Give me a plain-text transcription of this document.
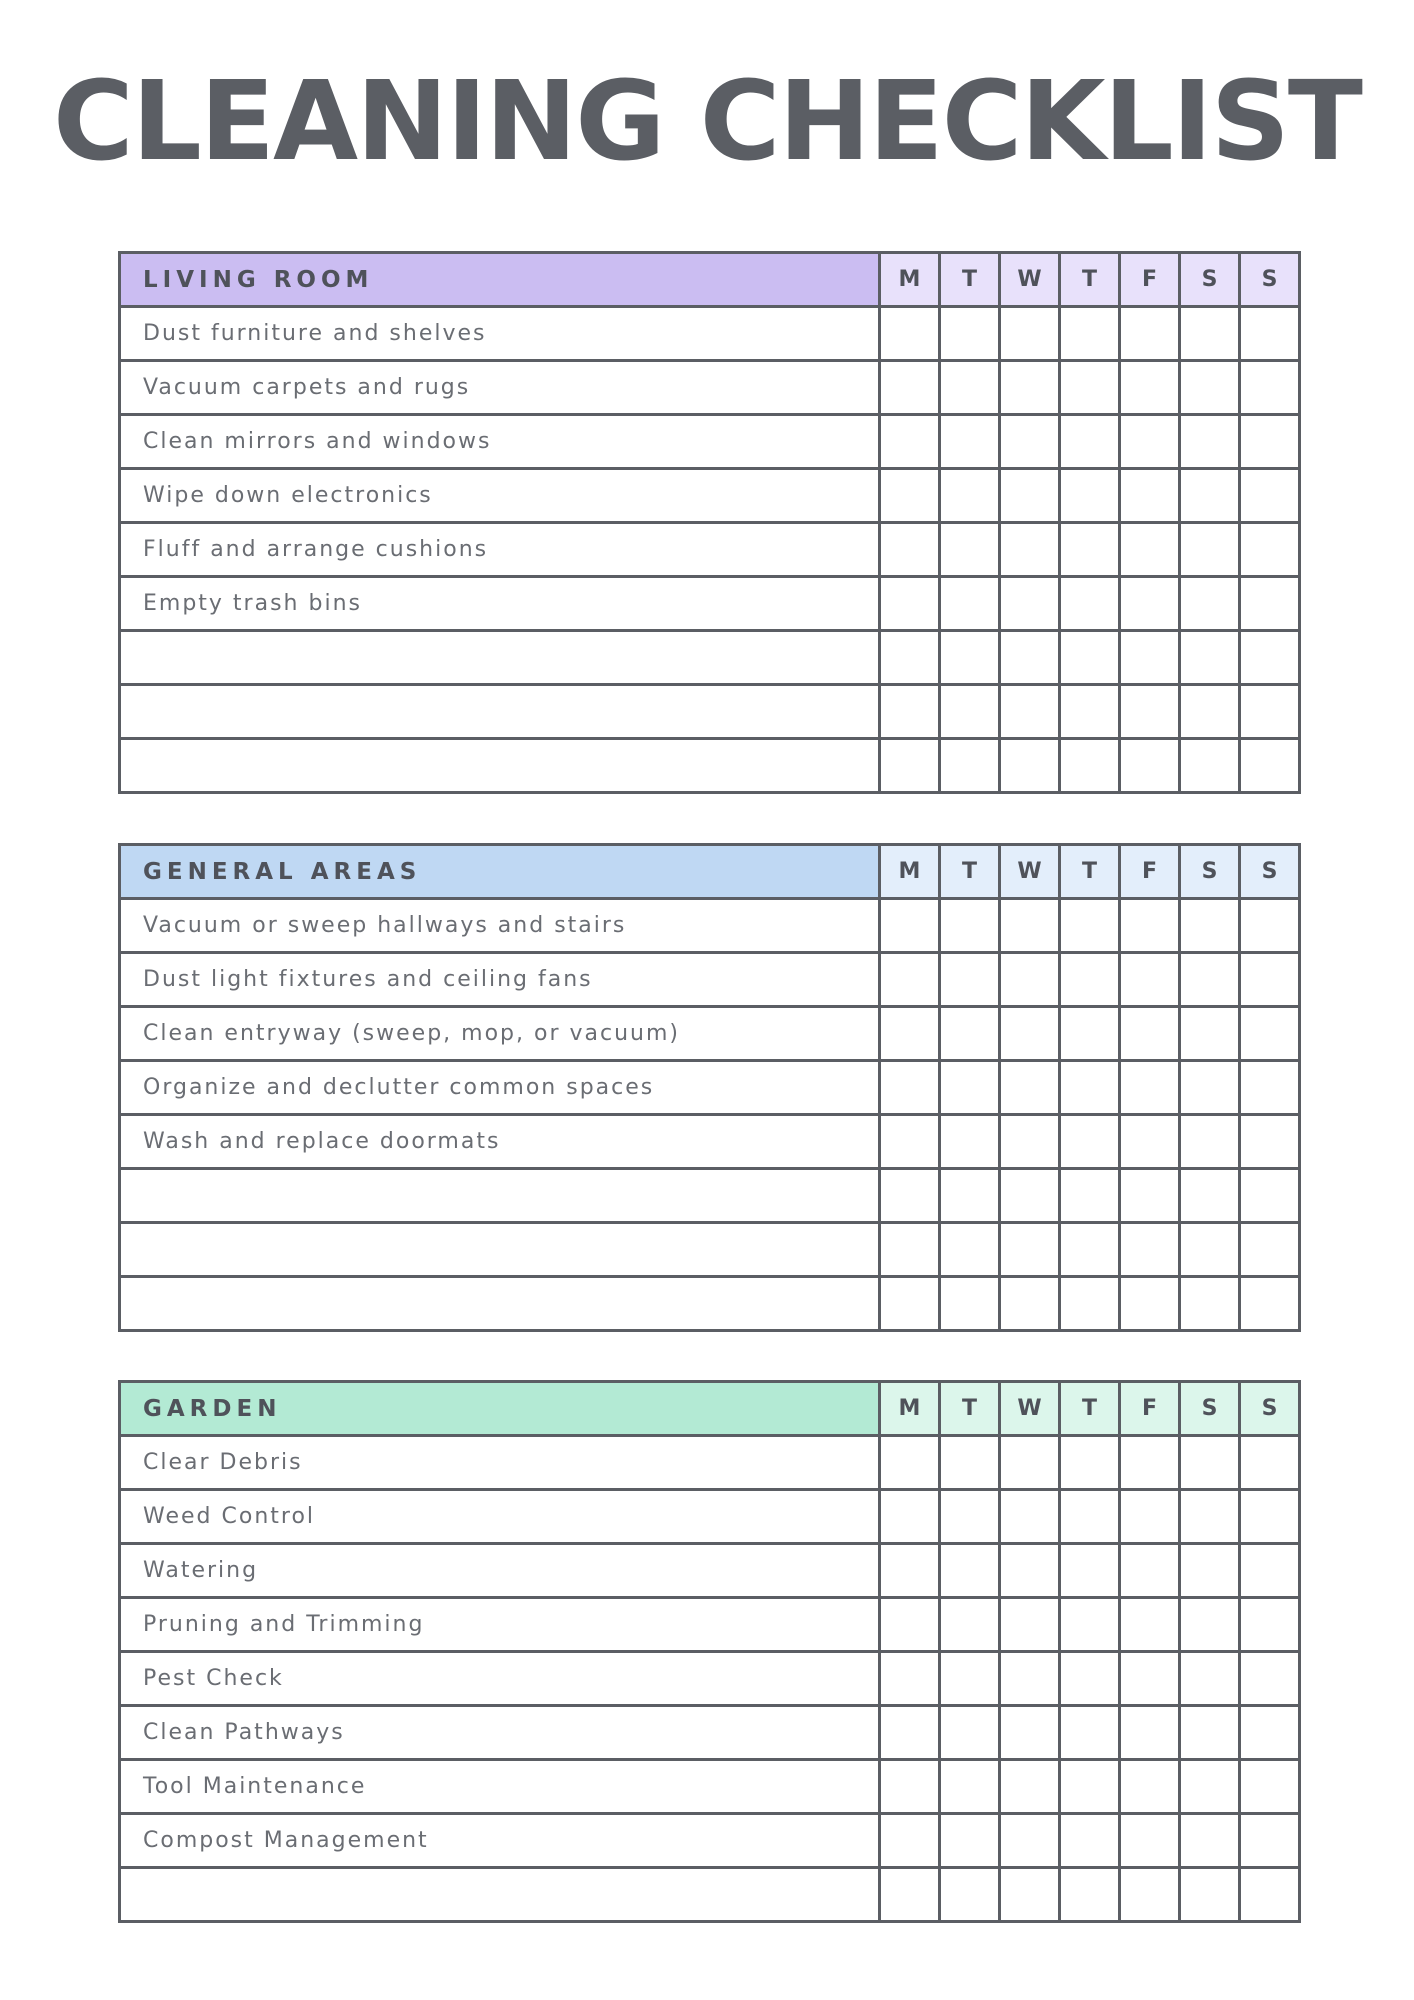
CLEANING CHECKLIST
LIVING ROOM	M	T	W	T	F	S	S
Dust furniture and shelves							
Vacuum carpets and rugs							
Clean mirrors and windows							
Wipe down electronics							
Fluff and arrange cushions							
Empty trash bins							

GENERAL AREAS	M	T	W	T	F	S	S
Vacuum or sweep hallways and stairs							
Dust light fixtures and ceiling fans							
Clean entryway (sweep, mop, or vacuum)							
Organize and declutter common spaces							
Wash and replace doormats							

GARDEN	M	T	W	T	F	S	S
Clear Debris							
Weed Control							
Watering							
Pruning and Trimming							
Pest Check							
Clean Pathways							
Tool Maintenance							
Compost Management							
